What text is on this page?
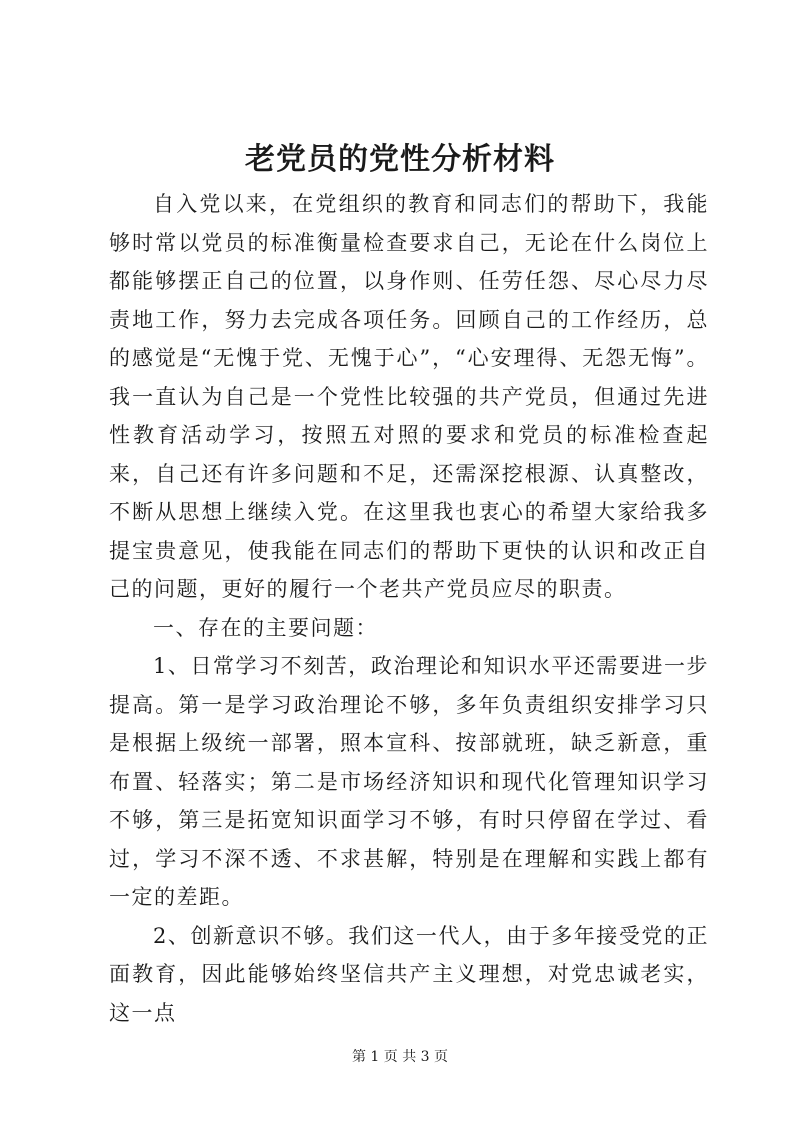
老党员的党性分析材料

自入党以来，在党组织的教育和同志们的帮助下，我能够时常以党员的标准衡量检查要求自己，无论在什么岗位上都能够摆正自己的位置，以身作则、任劳任怨、尽心尽力尽责地工作，努力去完成各项任务。回顾自己的工作经历，总的感觉是“无愧于党、无愧于心”，“心安理得、无怨无悔”。我一直认为自己是一个党性比较强的共产党员，但通过先进性教育活动学习，按照五对照的要求和党员的标准检查起来，自己还有许多问题和不足，还需深挖根源、认真整改，不断从思想上继续入党。在这里我也衷心的希望大家给我多提宝贵意见，使我能在同志们的帮助下更快的认识和改正自己的问题，更好的履行一个老共产党员应尽的职责。

一、存在的主要问题：

1、日常学习不刻苦，政治理论和知识水平还需要进一步提高。第一是学习政治理论不够，多年负责组织安排学习只是根据上级统一部署，照本宣科、按部就班，缺乏新意，重布置、轻落实；第二是市场经济知识和现代化管理知识学习不够，第三是拓宽知识面学习不够，有时只停留在学过、看过，学习不深不透、不求甚解，特别是在理解和实践上都有一定的差距。

2、创新意识不够。我们这一代人，由于多年接受党的正面教育，因此能够始终坚信共产主义理想，对党忠诚老实，这一点

第 1 页 共 3 页
